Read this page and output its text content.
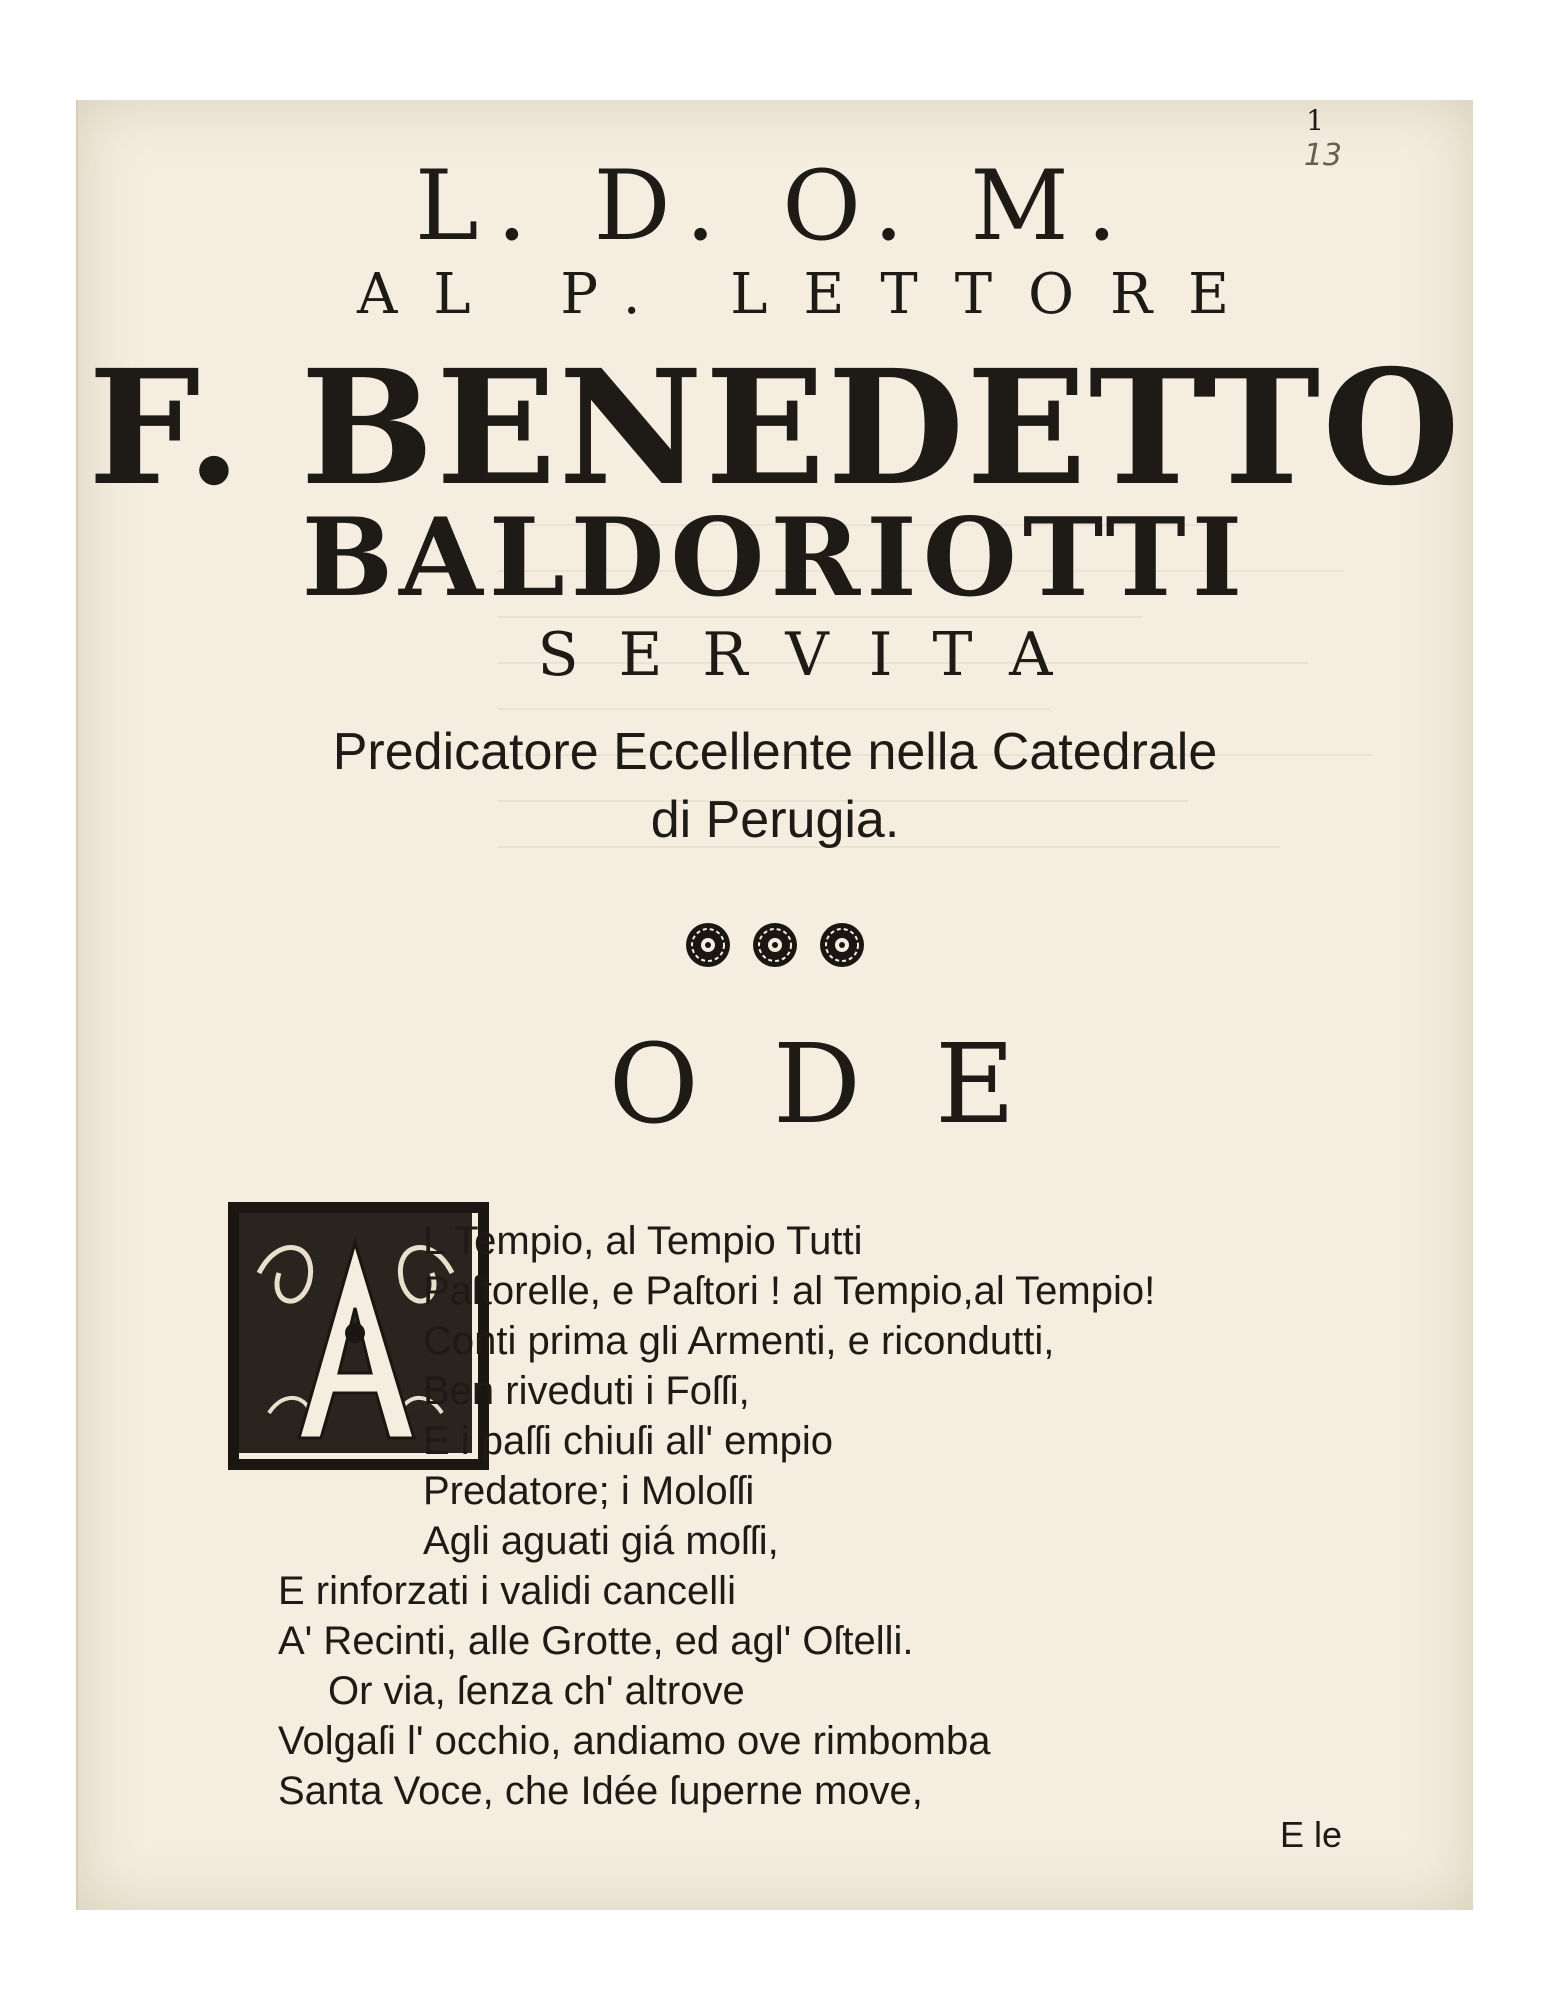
1
13
L. D. O. M.
AL P. LETTORE
F. BENEDETTO
BALDORIOTTI
SERVITA
Predicatore Eccellente nella Catedrale
di Perugia.

ODE
L Tempio, al Tempio Tutti
Paſtorelle, e Paſtori ! al Tempio,al Tempio!
Conti prima gli Armenti, e ricondutti,
Ben riveduti i Foſſi,
E i paſſi chiuſi all' empio
Predatore; i Moloſſi
Agli aguati giá moſſi,
E rinforzati i validi cancelli
A' Recinti, alle Grotte, ed agl' Oſtelli.
Or via, ſenza ch' altrove
Volgaſi l' occhio, andiamo ove rimbomba
Santa Voce, che Idée ſuperne move,
E le
